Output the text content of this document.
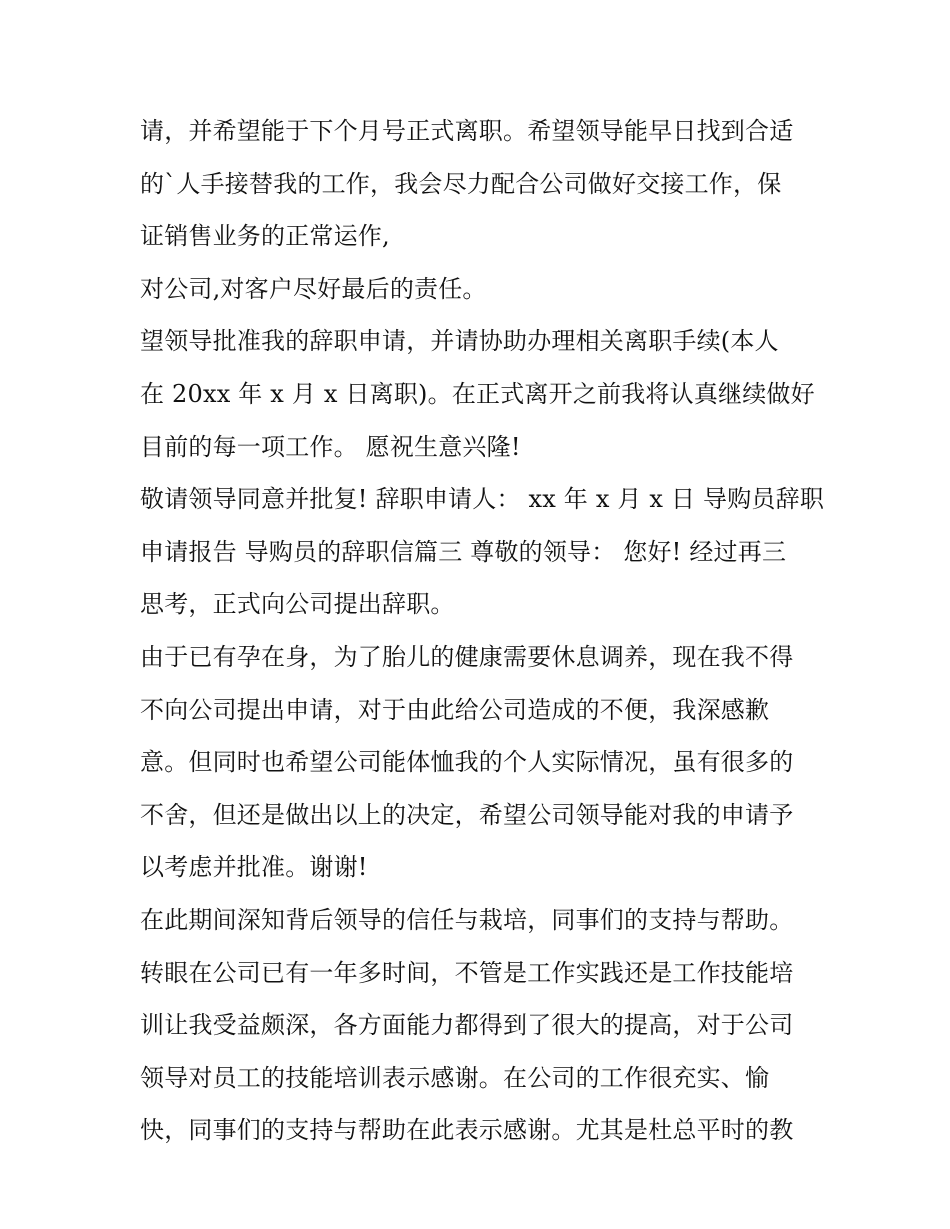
请，并希望能于下个月号正式离职。希望领导能早日找到合适
的`人手接替我的工作，我会尽力配合公司做好交接工作，保
证销售业务的正常运作,
对公司,对客户尽好最后的责任。
望领导批准我的辞职申请，并请协助办理相关离职手续(本人
在 20xx 年 x 月 x 日离职)。在正式离开之前我将认真继续做好
目前的每一项工作。 愿祝生意兴隆!
敬请领导同意并批复! 辞职申请人： xx 年 x 月 x 日 导购员辞职
申请报告 导购员的辞职信篇三 尊敬的领导： 您好! 经过再三
思考，正式向公司提出辞职。
由于已有孕在身，为了胎儿的健康需要休息调养，现在我不得
不向公司提出申请，对于由此给公司造成的不便，我深感歉
意。但同时也希望公司能体恤我的个人实际情况，虽有很多的
不舍，但还是做出以上的决定，希望公司领导能对我的申请予
以考虑并批准。谢谢!
在此期间深知背后领导的信任与栽培，同事们的支持与帮助。
转眼在公司已有一年多时间，不管是工作实践还是工作技能培
训让我受益颇深，各方面能力都得到了很大的提高，对于公司
领导对员工的技能培训表示感谢。在公司的工作很充实、愉
快，同事们的支持与帮助在此表示感谢。尤其是杜总平时的教
